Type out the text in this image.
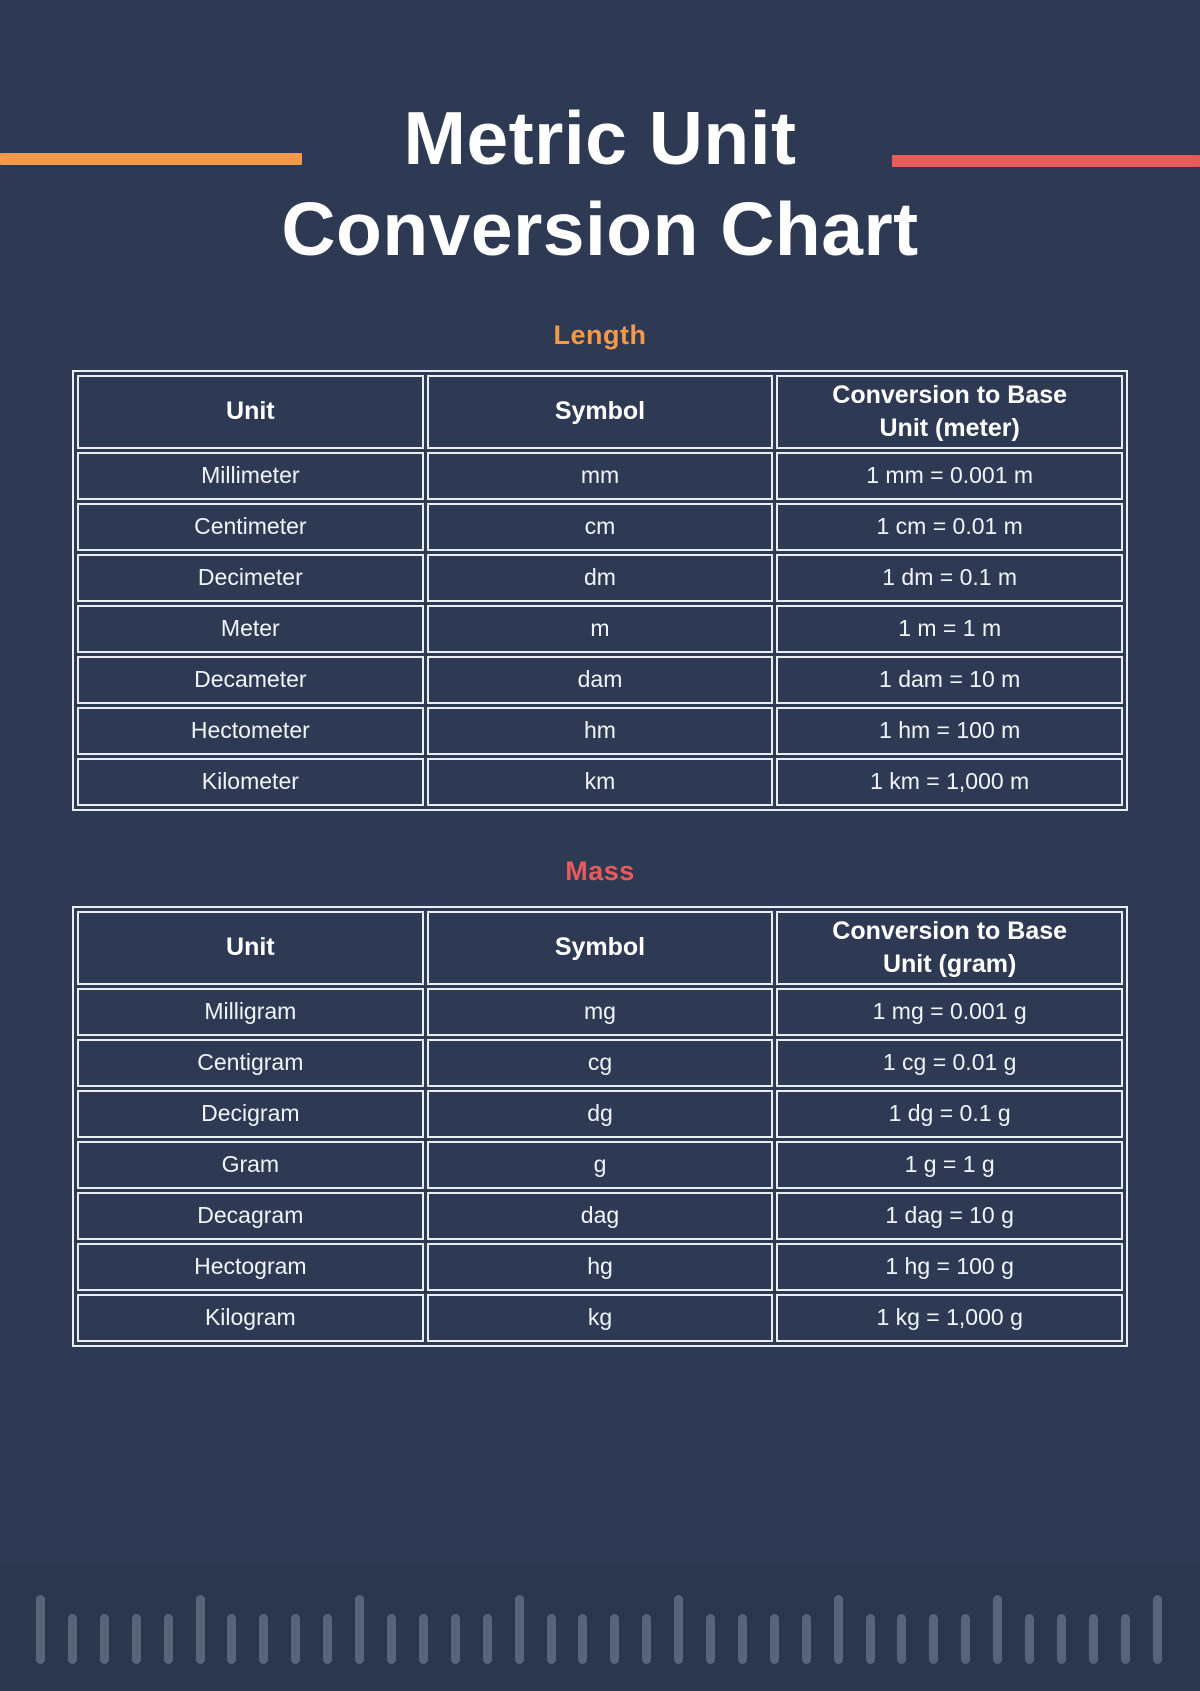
Metric Unit
Conversion Chart
Length
Unit	Symbol	Conversion to Base Unit (meter)
Millimeter	mm	1 mm = 0.001 m
Centimeter	cm	1 cm = 0.01 m
Decimeter	dm	1 dm = 0.1 m
Meter	m	1 m = 1 m
Decameter	dam	1 dam = 10 m
Hectometer	hm	1 hm = 100 m
Kilometer	km	1 km = 1,000 m
Mass
Unit	Symbol	Conversion to Base Unit (gram)
Milligram	mg	1 mg = 0.001 g
Centigram	cg	1 cg = 0.01 g
Decigram	dg	1 dg = 0.1 g
Gram	g	1 g = 1 g
Decagram	dag	1 dag = 10 g
Hectogram	hg	1 hg = 100 g
Kilogram	kg	1 kg = 1,000 g
